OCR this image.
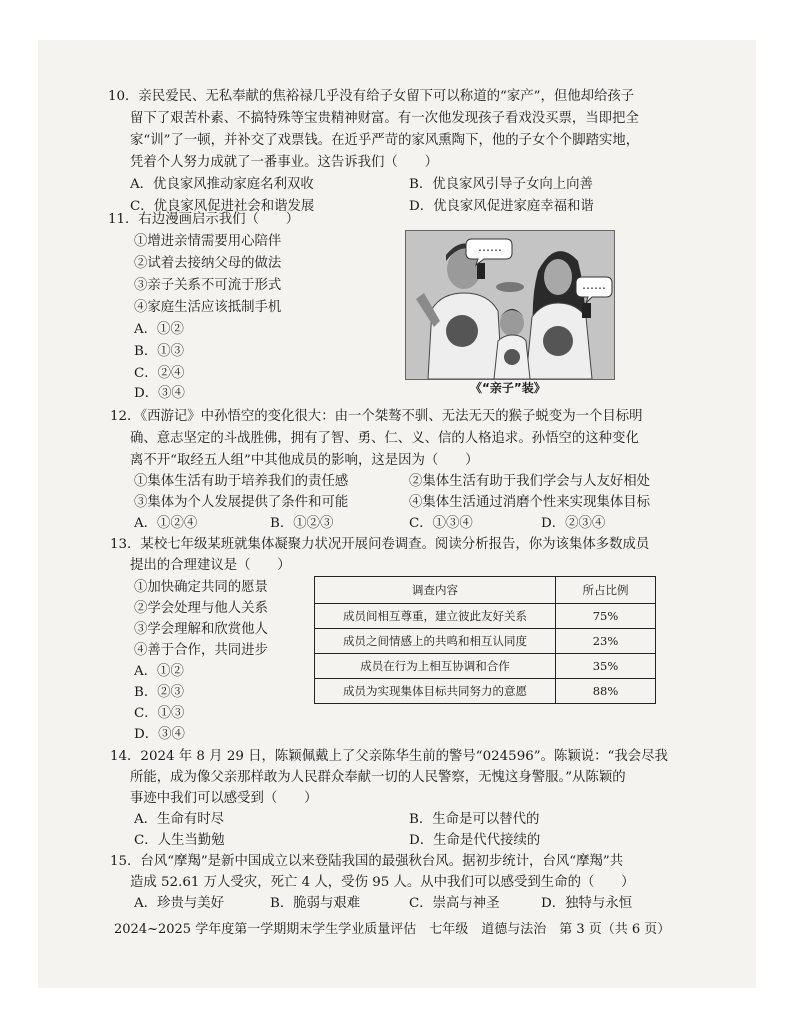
10．亲民爱民、无私奉献的焦裕禄几乎没有给子女留下可以称道的“家产”，但他却给孩子
留下了艰苦朴素、不搞特殊等宝贵精神财富。有一次他发现孩子看戏没买票，当即把全
家“训”了一顿，并补交了戏票钱。在近乎严苛的家风熏陶下，他的子女个个脚踏实地，
凭着个人努力成就了一番事业。这告诉我们（　　）
A．优良家风推动家庭名利双收	B．优良家风引导子女向上向善
C．优良家风促进社会和谐发展	D．优良家风促进家庭幸福和谐
11．右边漫画启示我们（　　）
①增进亲情需要用心陪伴
②试着去接纳父母的做法
③亲子关系不可流于形式
④家庭生活应该抵制手机
A．①②
B．①③
C．②④
D．③④
……
……
《“亲子”装》
12．《西游记》中孙悟空的变化很大：由一个桀骜不驯、无法无天的猴子蜕变为一个目标明
确、意志坚定的斗战胜佛，拥有了智、勇、仁、义、信的人格追求。孙悟空的这种变化
离不开“取经五人组”中其他成员的影响，这是因为（　　）
①集体生活有助于培养我们的责任感	②集体生活有助于我们学会与人友好相处
③集体为个人发展提供了条件和可能	④集体生活通过消磨个性来实现集体目标
A．①②④	B．①②③	C．①③④	D．②③④
13．某校七年级某班就集体凝聚力状况开展问卷调查。阅读分析报告，你为该集体多数成员
提出的合理建议是（　　）
①加快确定共同的愿景
②学会处理与他人关系
③学会理解和欣赏他人
④善于合作，共同进步
A．①②
B．②③
C．①③
D．③④
调查内容	所占比例
成员间相互尊重，建立彼此友好关系	75%
成员之间情感上的共鸣和相互认同度	23%
成员在行为上相互协调和合作	35%
成员为实现集体目标共同努力的意愿	88%
14．2024 年 8 月 29 日，陈颖佩戴上了父亲陈华生前的警号“024596”。陈颖说：“我会尽我
所能，成为像父亲那样敢为人民群众奉献一切的人民警察，无愧这身警服。”从陈颖的
事迹中我们可以感受到（　　）
A．生命有时尽	B．生命是可以替代的
C．人生当勤勉	D．生命是代代接续的
15．台风“摩羯”是新中国成立以来登陆我国的最强秋台风。据初步统计，台风“摩羯”共
造成 52.61 万人受灾，死亡 4 人，受伤 95 人。从中我们可以感受到生命的（　　）
A．珍贵与美好	B．脆弱与艰难	C．崇高与神圣	D．独特与永恒
2024~2025 学年度第一学期期末学生学业质量评估　七年级　道德与法治　第 3 页（共 6 页）
